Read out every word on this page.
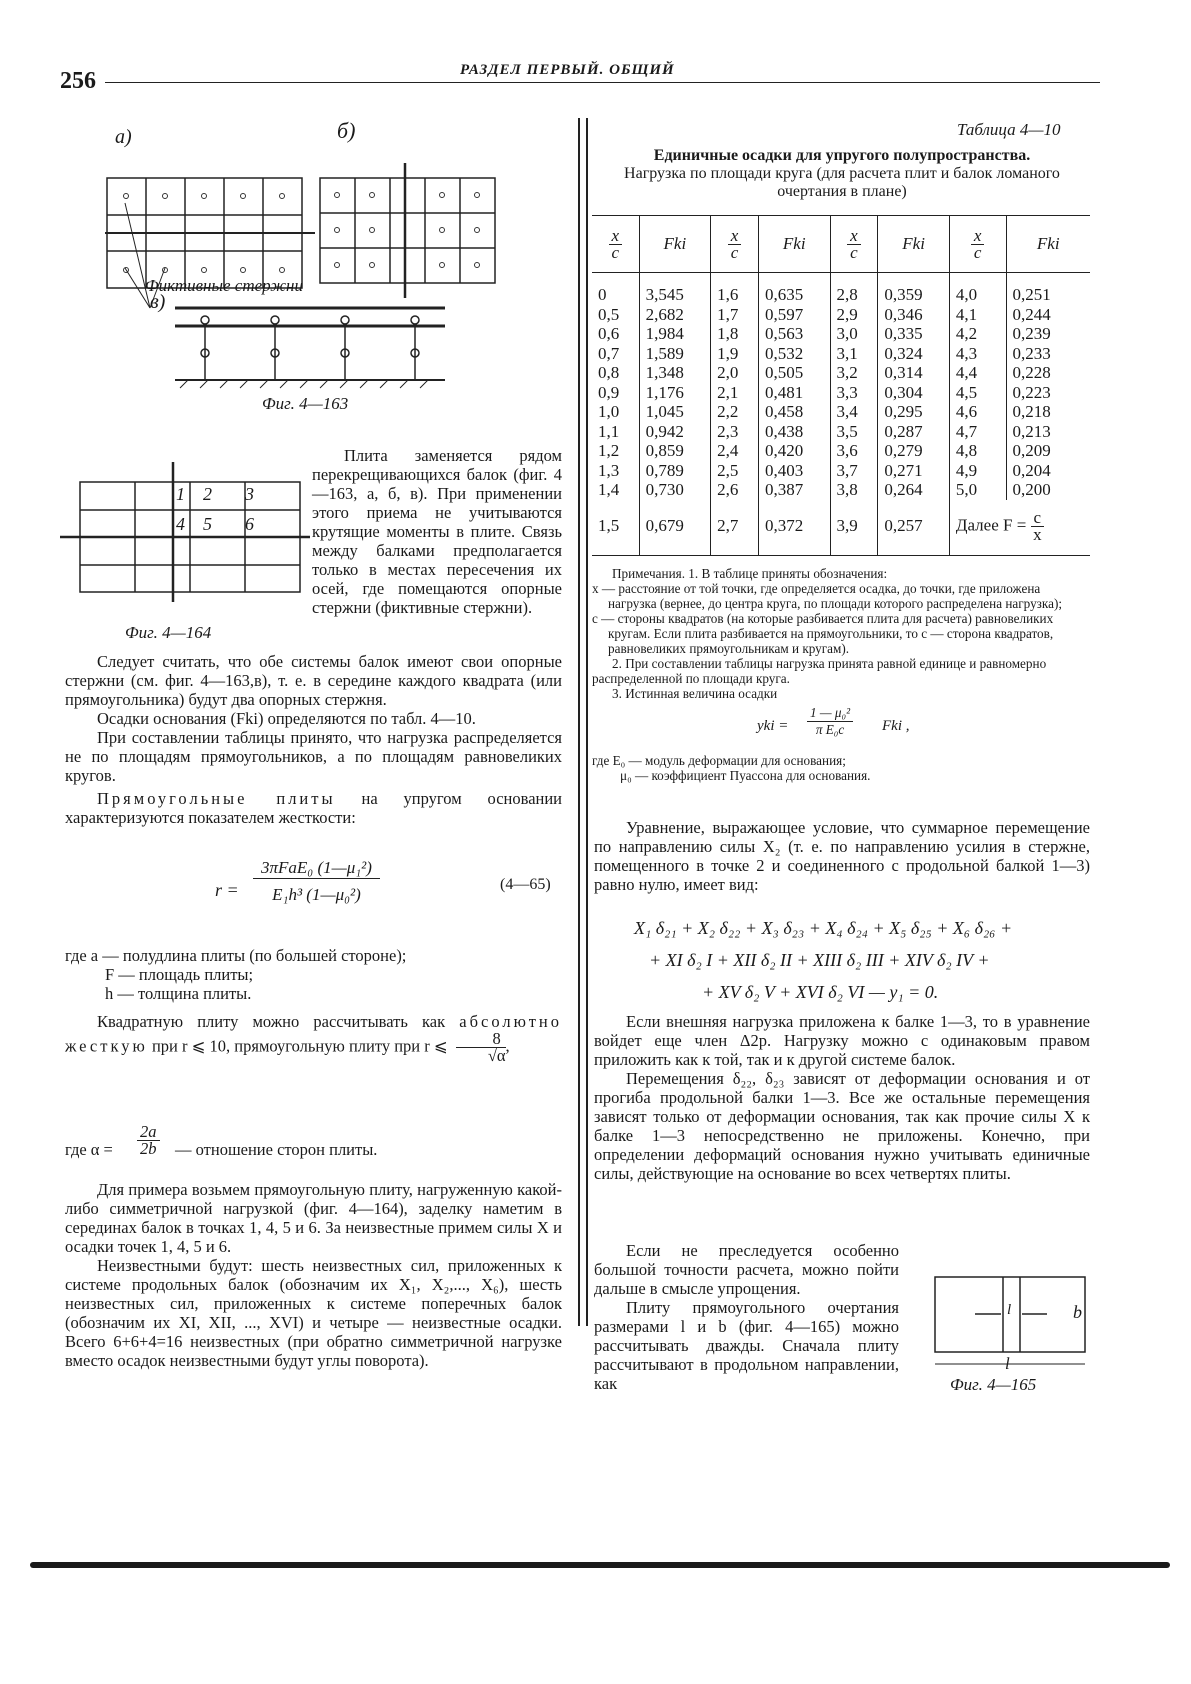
256	РАЗДЕЛ ПЕРВЫЙ. ОБЩИЙ
а)	б)
Фиктивные стержни
в)
Фиг. 4—163
1 2 3
4 5 6
Фиг. 4—164

Плита заменяется рядом перекрещивающихся балок (фиг. 4—163, а, б, в). При применении этого приема не учитываются крутящие моменты в плите. Связь между балками предполагается только в местах пересечения их осей, где помещаются опорные стержни (фиктивные стержни).

Следует считать, что обе системы балок имеют свои опорные стержни (см. фиг. 4—163,в), т. е. в середине каждого квадрата (или прямоугольника) будут два опорных стержня.

Осадки основания (Fki) определяются по табл. 4—10.

При составлении таблицы принято, что нагрузка распределяется не по площадям прямоугольников, а по площадям равновеликих кругов.

Прямоугольные плиты на упругом основании характеризуются показателем жесткости:

r =
3πFaE₀ (1—μ₁²)
E₁h³ (1—μ₀²)
(4—65)

где a — полудлина плиты (по большей стороне);

F — площадь плиты;

h — толщина плиты.

Квадратную плиту можно рассчитывать как абсолютно жесткую при r ⩽ 10, прямоугольную плиту при r ⩽ $\frac{8}{√\alpha}$ ,

где $\alpha = \frac{2a}{2b}$ — отношение сторон плиты.

Для примера возьмем прямоугольную плиту, нагруженную какой-либо симметричной нагрузкой (фиг. 4—164), заделку наметим в серединах балок в точках 1, 4, 5 и 6. За неизвестные примем силы X и осадки точек 1, 4, 5 и 6.

Неизвестными будут: шесть неизвестных сил, приложенных к системе продольных балок (обозначим их X₁, X₂,..., X₆), шесть неизвестных сил, приложенных к системе поперечных балок (обозначим их XI, XII, ..., XVI) и четыре — неизвестные осадки. Всего 6+6+4=16 неизвестных (при обратно симметричной нагрузке вместо осадок неизвестными будут углы поворота).

Таблица 4—10
Единичные осадки для упругого полупространства.
Нагрузка по площади круга (для расчета плит и балок ломаного очертания в плане)
$\frac{x}{c}$	Fki	$\frac{x}{c}$	Fki	$\frac{x}{c}$	Fki	$\frac{x}{c}$	Fki
0	3,545	1,6	0,635	2,8	0,359	4,0	0,251
0,5	2,682	1,7	0,597	2,9	0,346	4,1	0,244
0,6	1,984	1,8	0,563	3,0	0,335	4,2	0,239
0,7	1,589	1,9	0,532	3,1	0,324	4,3	0,233
0,8	1,348	2,0	0,505	3,2	0,314	4,4	0,228
0,9	1,176	2,1	0,481	3,3	0,304	4,5	0,223
1,0	1,045	2,2	0,458	3,4	0,295	4,6	0,218
1,1	0,942	2,3	0,438	3,5	0,287	4,7	0,213
1,2	0,859	2,4	0,420	3,6	0,279	4,8	0,209
1,3	0,789	2,5	0,403	3,7	0,271	4,9	0,204
1,4	0,730	2,6	0,387	3,8	0,264	5,0	0,200
1,5	0,679	2,7	0,372	3,9	0,257	Далее $F = \frac{c}{x}$

Примечания. 1. В таблице приняты обозначения:

x — расстояние от той точки, где определяется осадка, до точки, где приложена нагрузка (вернее, до центра круга, по площади которого распределена нагрузка);

c — стороны квадратов (на которые разбивается плита для расчета) равновеликих кругам. Если плита разбивается на прямоугольники, то c — сторона квадратов, равновеликих прямоугольникам и кругам).

2. При составлении таблицы нагрузка принята равной единице и равномерно распределенной по площади круга.

3. Истинная величина осадки

yki = $\frac{\text{1 — μ₀²}}{\text{π E₀c}}$ Fki ,

где E₀ — модуль деформации для основания;

μ₀ — коэффициент Пуассона для основания.

Уравнение, выражающее условие, что суммарное перемещение по направлению силы X₂ (т. е. по направлению усилия в стержне, помещенного в точке 2 и соединенного с продольной балкой 1—3) равно нулю, имеет вид:

X₁ δ₂₁ + X₂ δ₂₂ + X₃ δ₂₃ + X₄ δ₂₄ + X₅ δ₂₅ + X₆ δ₂₆ +
+ XI δ₂ I + XII δ₂ II + XIII δ₂ III + XIV δ₂ IV +
+ XV δ₂ V + XVI δ₂ VI — y₁ = 0.

Если внешняя нагрузка приложена к балке 1—3, то в уравнение войдет еще член Δ2p. Нагрузку можно с одинаковым правом приложить как к той, так и к другой системе балок.

Перемещения δ₂₂, δ₂₃ зависят от деформации основания и от прогиба продольной балки 1—3. Все же остальные перемещения зависят только от деформации основания, так как прочие силы X к балке 1—3 непосредственно не приложены. Конечно, при определении деформаций основания нужно учитывать единичные силы, действующие на основание во всех четвертях плиты.

Если не преследуется особенно большой точности расчета, можно пойти дальше в смысле упрощения.

Плиту прямоугольного очертания размерами l и b (фиг. 4—165) можно рассчитывать дважды. Сначала плиту рассчитывают в продольном направлении, как

l	b
l
Фиг. 4—165
